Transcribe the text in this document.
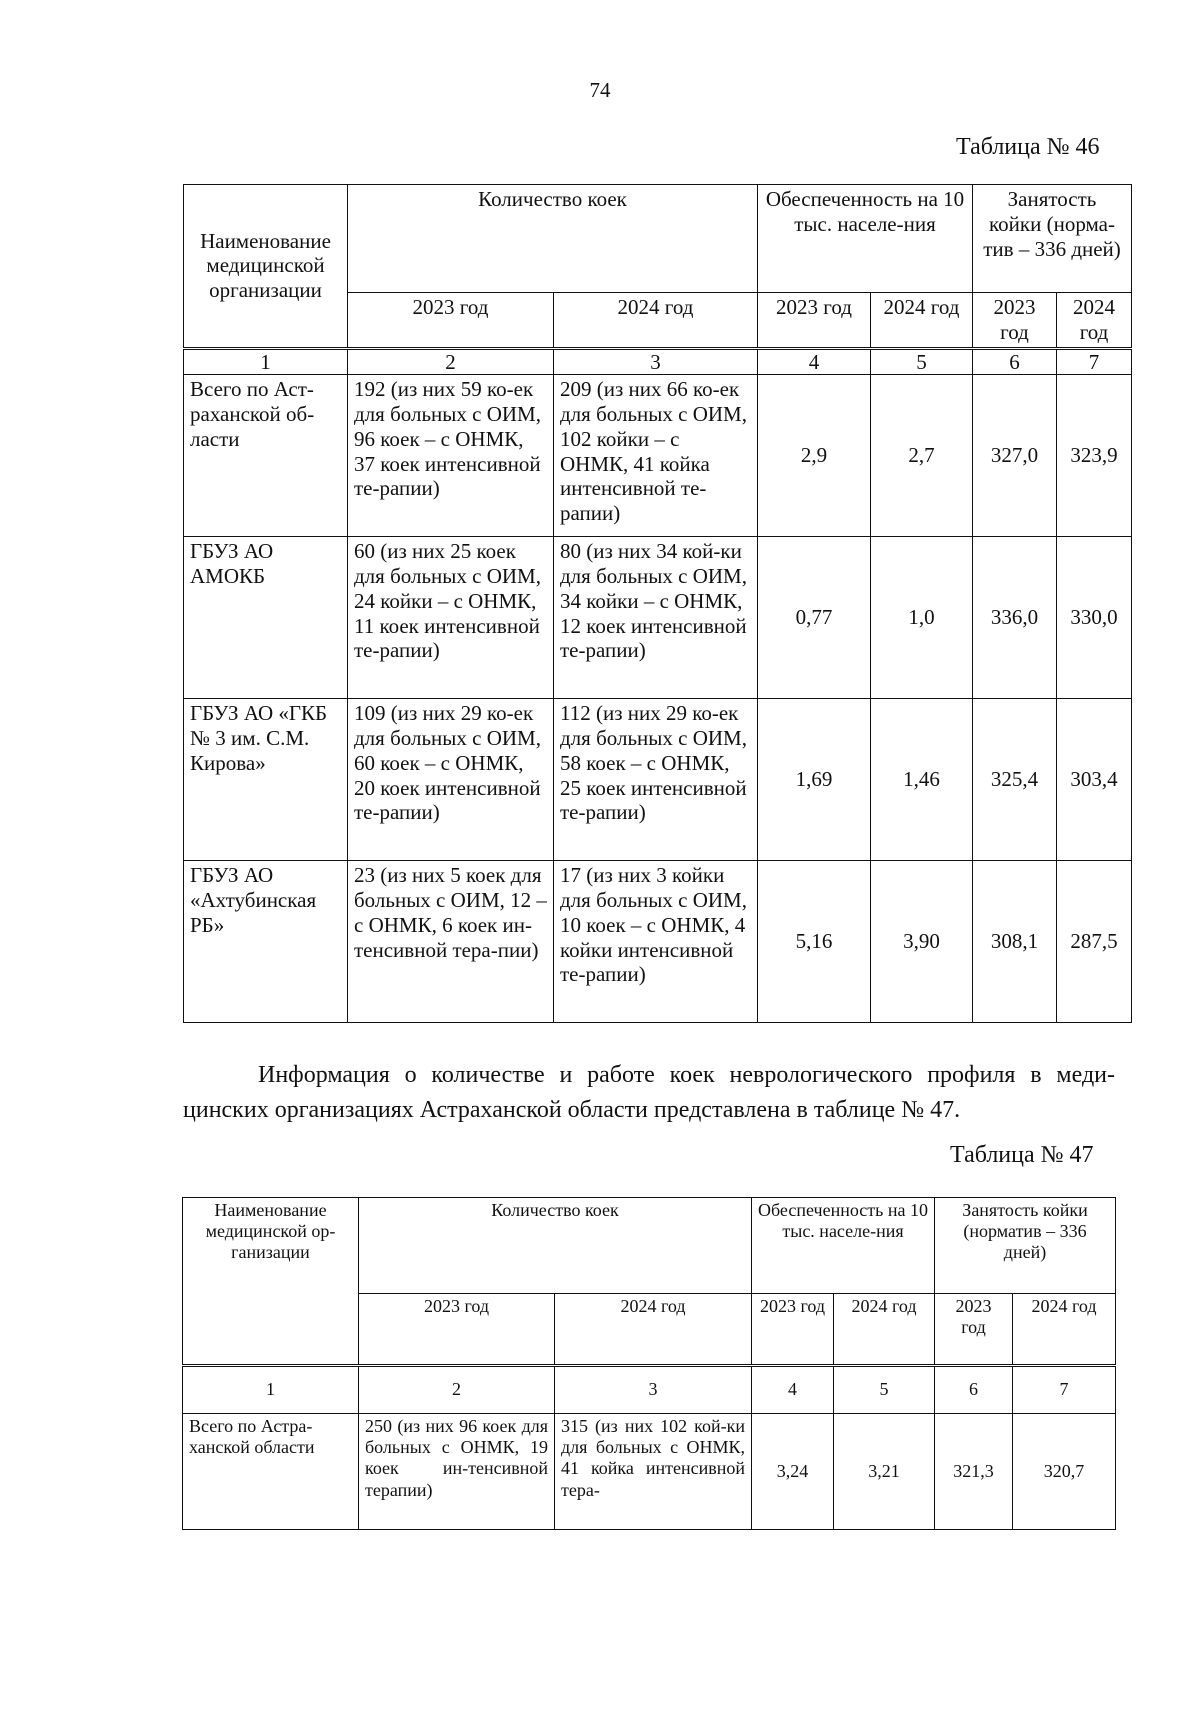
74
Таблица № 46
Наименование медицинской организации	Количество коек		Обеспеченность на 10 тыс. населе-ния		Занятость койки (норма-тив – 336 дней)	
	2023 год	2024 год	2023 год	2024 год	2023 год	2024 год
1	2	3	4	5	6	7
Всего по Аст-раханской об-ласти	192 (из них 59 ко-ек для больных с ОИМ, 96 коек – с ОНМК, 37 коек интенсивной те-рапии)	209 (из них 66 ко-ек для больных с ОИМ, 102 койки – с ОНМК, 41 койка интенсивной те-рапии)	2,9	2,7	327,0	323,9
ГБУЗ АО АМОКБ	60 (из них 25 коек для больных с ОИМ, 24 койки – с ОНМК, 11 коек интенсивной те-рапии)	80 (из них 34 кой-ки для больных с ОИМ, 34 койки – с ОНМК, 12 коек интенсивной те-рапии)	0,77	1,0	336,0	330,0
ГБУЗ АО «ГКБ № 3 им. С.М. Кирова»	109 (из них 29 ко-ек для больных с ОИМ, 60 коек – с ОНМК, 20 коек интенсивной те-рапии)	112 (из них 29 ко-ек для больных с ОИМ, 58 коек – с ОНМК, 25 коек интенсивной те-рапии)	1,69	1,46	325,4	303,4
ГБУЗ АО «Ахтубинская РБ»	23 (из них 5 коек для больных с ОИМ, 12 – с ОНМК, 6 коек ин-тенсивной тера-пии)	17 (из них 3 койки для больных с ОИМ, 10 коек – с ОНМК, 4 койки интенсивной те-рапии)	5,16	3,90	308,1	287,5
Информация о количестве и работе коек неврологического профиля в меди-цинских организациях Астраханской области представлена в таблице № 47.
Таблица № 47
Наименование медицинской ор-ганизации	Количество коек		Обеспеченность на 10 тыс. населе-ния		Занятость койки (норматив – 336 дней)	
	2023 год	2024 год	2023 год	2024 год	2023 год	2024 год
1	2	3	4	5	6	7
Всего по Астра-ханской области	250 (из них 96 коек для больных с ОНМК, 19 коек ин-тенсивной терапии)	315 (из них 102 кой-ки для больных с ОНМК, 41 койка интенсивной тера-	3,24	3,21	321,3	320,7
